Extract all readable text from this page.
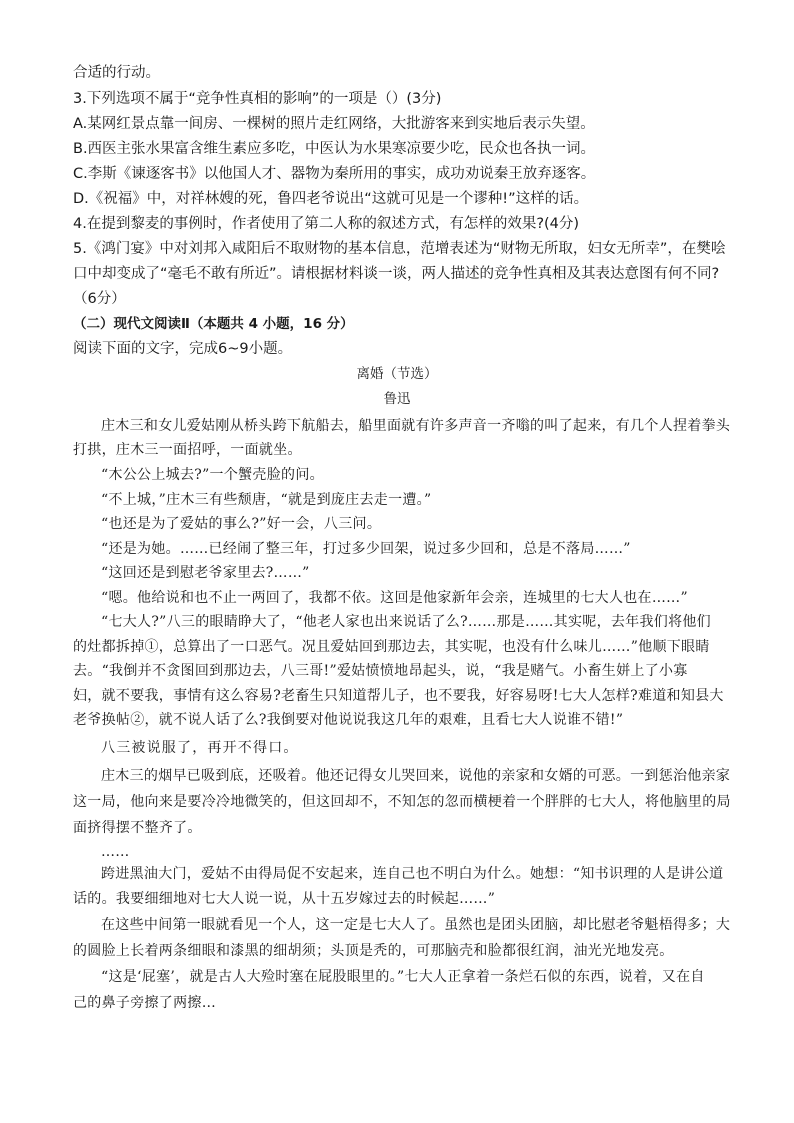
合适的行动。
3.下列选项不属于“竞争性真相的影响”的一项是（）(3分)
A.某网红景点靠一间房、一棵树的照片走红网络，大批游客来到实地后表示失望。
B.西医主张水果富含维生素应多吃，中医认为水果寒凉要少吃，民众也各执一词。
C.李斯《谏逐客书》以他国人才、器物为秦所用的事实，成功劝说秦王放弃逐客。
D.《祝福》中，对祥林嫂的死，鲁四老爷说出“这就可见是一个谬种!”这样的话。
4.在提到黎麦的事例时，作者使用了第二人称的叙述方式，有怎样的效果?(4分)
5.《鸿门宴》中对刘邦入咸阳后不取财物的基本信息，范增表述为“财物无所取，妇女无所幸”，在樊哙
口中却变成了“毫毛不敢有所近”。请根据材料谈一谈，两人描述的竞争性真相及其表达意图有何不同?
（6分）
（二）现代文阅读Ⅱ（本题共 4 小题，16 分）
阅读下面的文字，完成6~9小题。
离婚（节选）
鲁迅
庄木三和女儿爱姑刚从桥头跨下航船去，船里面就有许多声音一齐嗡的叫了起来，有几个人捏着拳头
打拱，庄木三一面招呼，一面就坐。
“木公公上城去?”一个蟹壳脸的问。
“不上城，”庄木三有些颓唐，“就是到庞庄去走一遭。”
“也还是为了爱姑的事么?”好一会，八三问。
“还是为她。……已经闹了整三年，打过多少回架，说过多少回和，总是不落局……”
“这回还是到慰老爷家里去?……”
“嗯。他给说和也不止一两回了，我都不依。这回是他家新年会亲，连城里的七大人也在……”
“七大人?”八三的眼睛睁大了，“他老人家也出来说话了么?……那是……其实呢，去年我们将他们
的灶都拆掉①，总算出了一口恶气。况且爱姑回到那边去，其实呢，也没有什么味儿……”他顺下眼睛
去。“我倒并不贪图回到那边去，八三哥!”爱姑愤愤地昂起头，说，“我是赌气。小畜生姘上了小寡
妇，就不要我，事情有这么容易?老畜生只知道帮儿子，也不要我，好容易呀!七大人怎样?难道和知县大
老爷换帖②，就不说人话了么?我倒要对他说说我这几年的艰难，且看七大人说谁不错!”
八三被说服了，再开不得口。
庄木三的烟早已吸到底，还吸着。他还记得女儿哭回来，说他的亲家和女婿的可恶。一到惩治他亲家
这一局，他向来是要冷冷地微笑的，但这回却不，不知怎的忽而横梗着一个胖胖的七大人，将他脑里的局
面挤得摆不整齐了。
……
跨进黑油大门，爱姑不由得局促不安起来，连自己也不明白为什么。她想：“知书识理的人是讲公道
话的。我要细细地对七大人说一说，从十五岁嫁过去的时候起……”
在这些中间第一眼就看见一个人，这一定是七大人了。虽然也是团头团脑，却比慰老爷魁梧得多；大
的圆脸上长着两条细眼和漆黑的细胡须；头顶是秃的，可那脑壳和脸都很红润，油光光地发亮。
“这是‘屁塞’，就是古人大殓时塞在屁股眼里的。”七大人正拿着一条烂石似的东西，说着，又在自
己的鼻子旁擦了两擦…
